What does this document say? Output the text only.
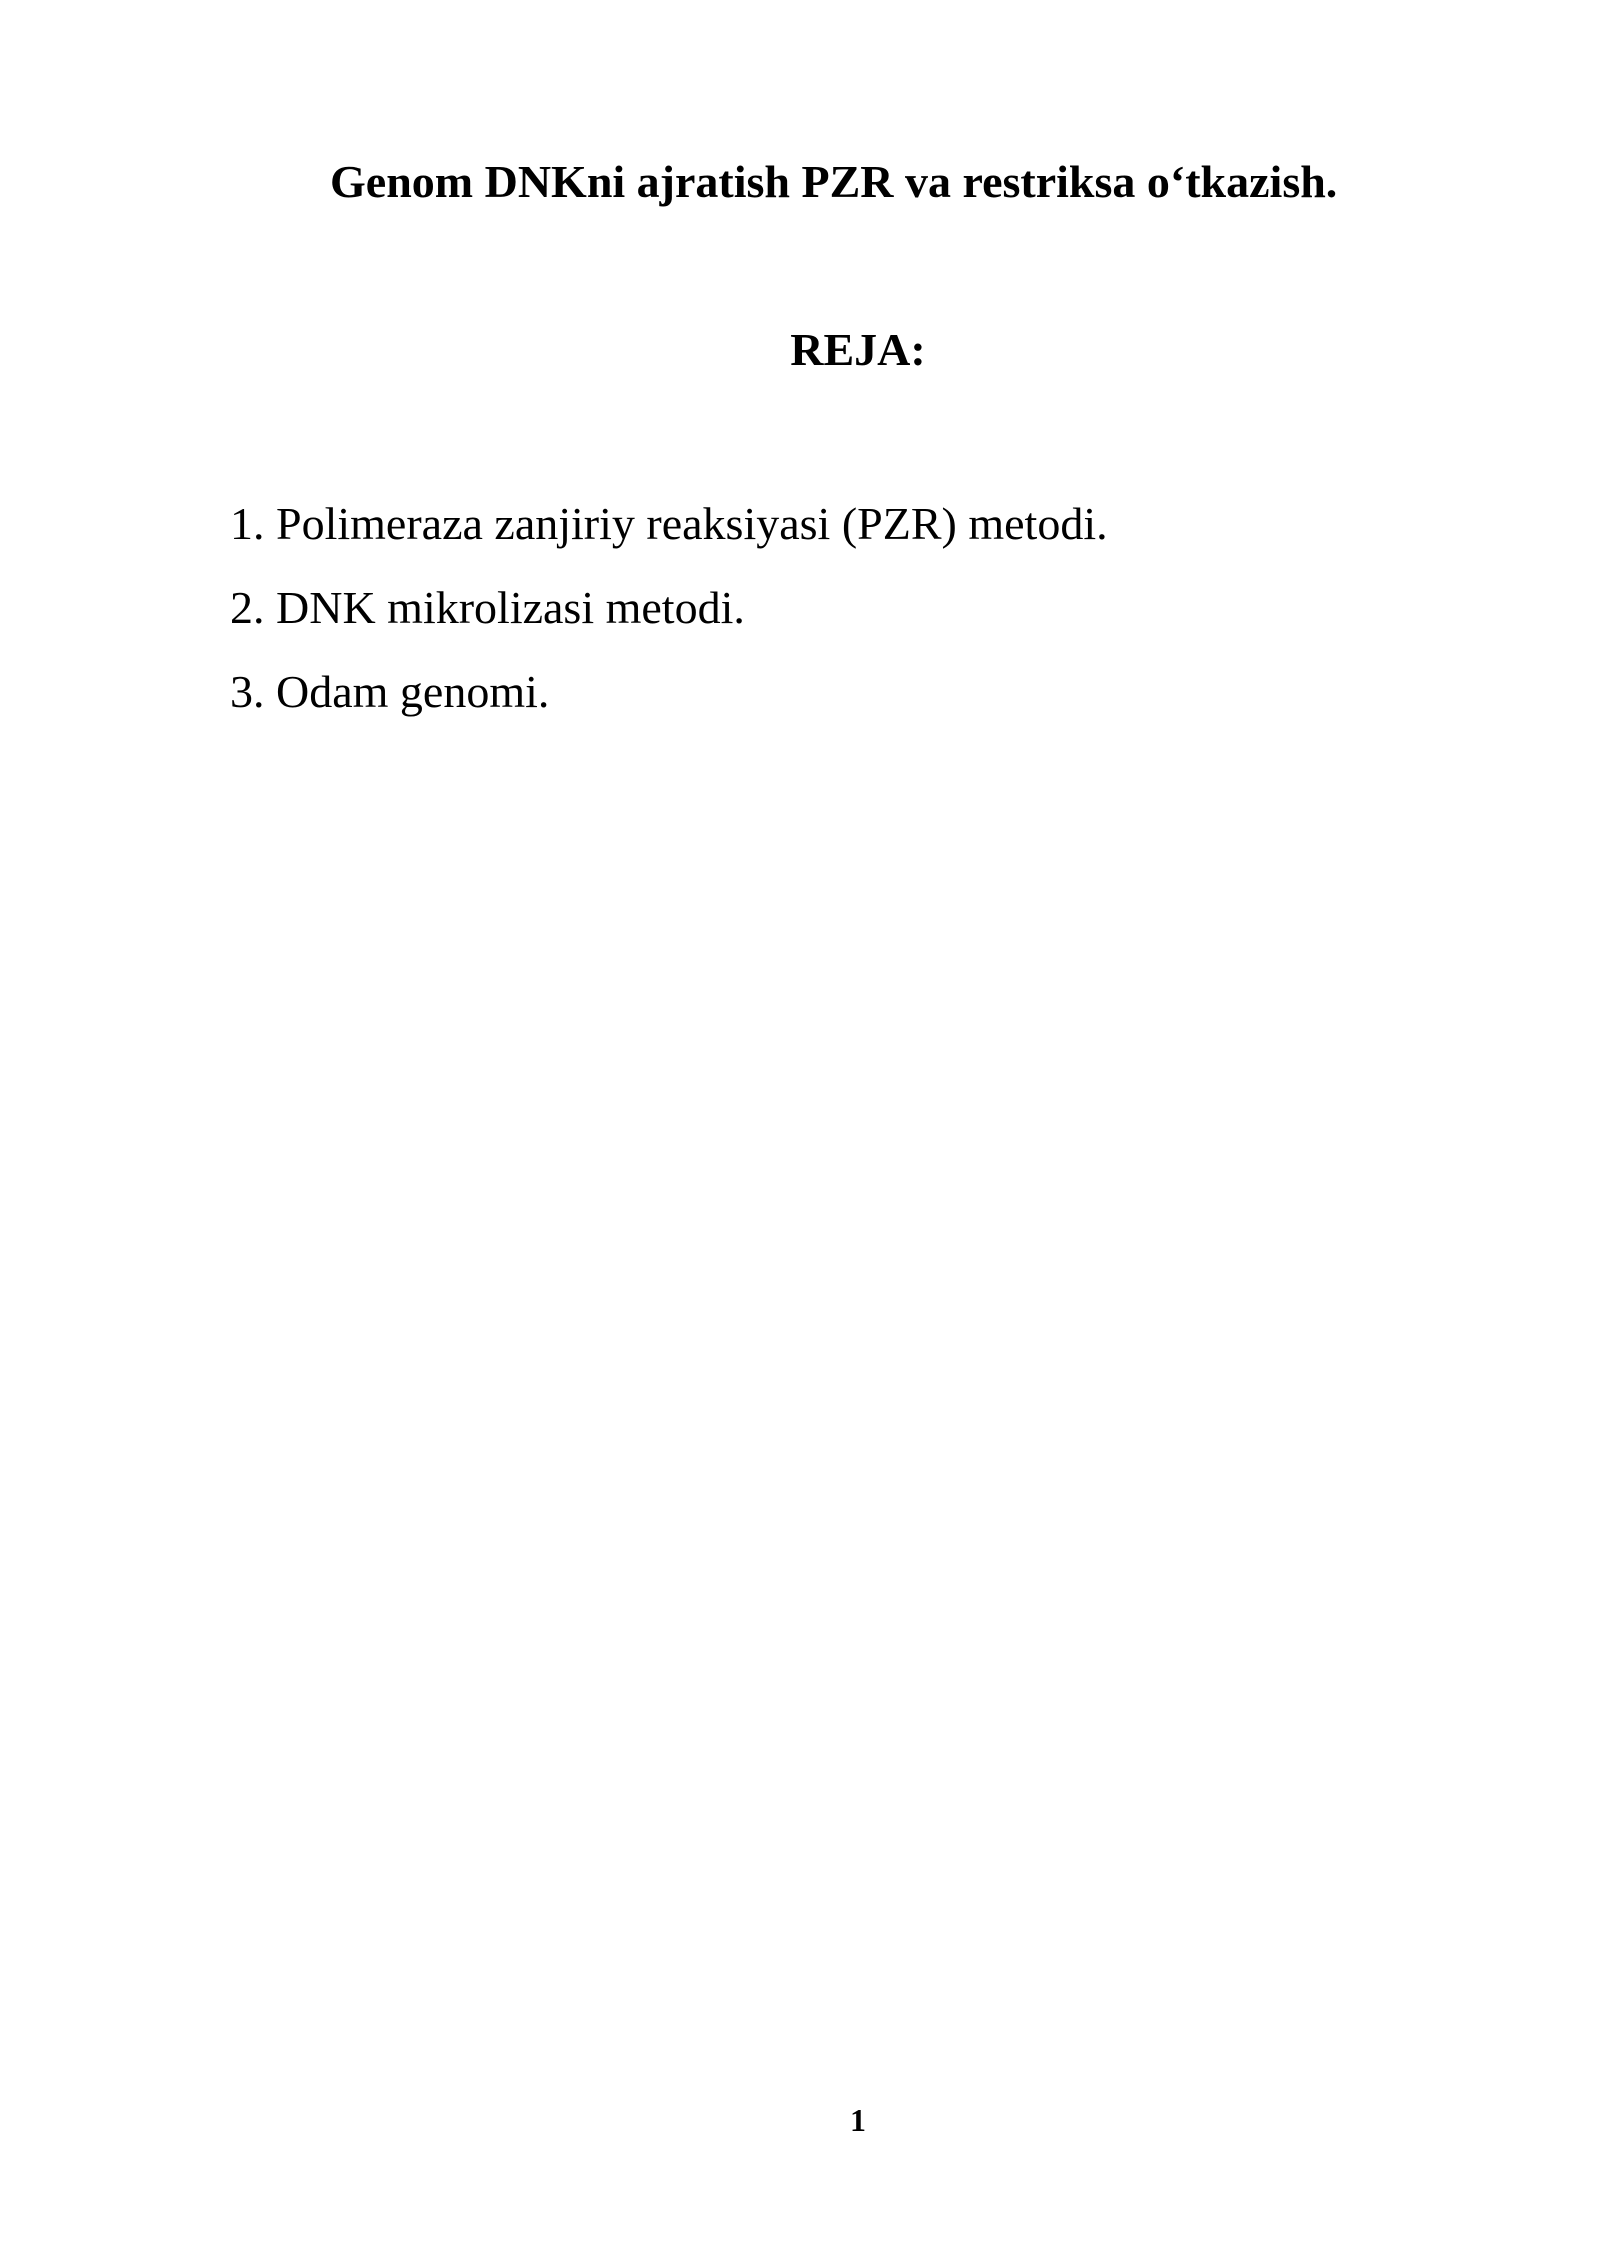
Genom DNKni ajratish PZR va restriksa o‘tkazish.
REJA:
1. Polimeraza zanjiriy reaksiyasi (PZR) metodi.
2. DNK mikrolizasi metodi.
3. Odam genomi.
1
